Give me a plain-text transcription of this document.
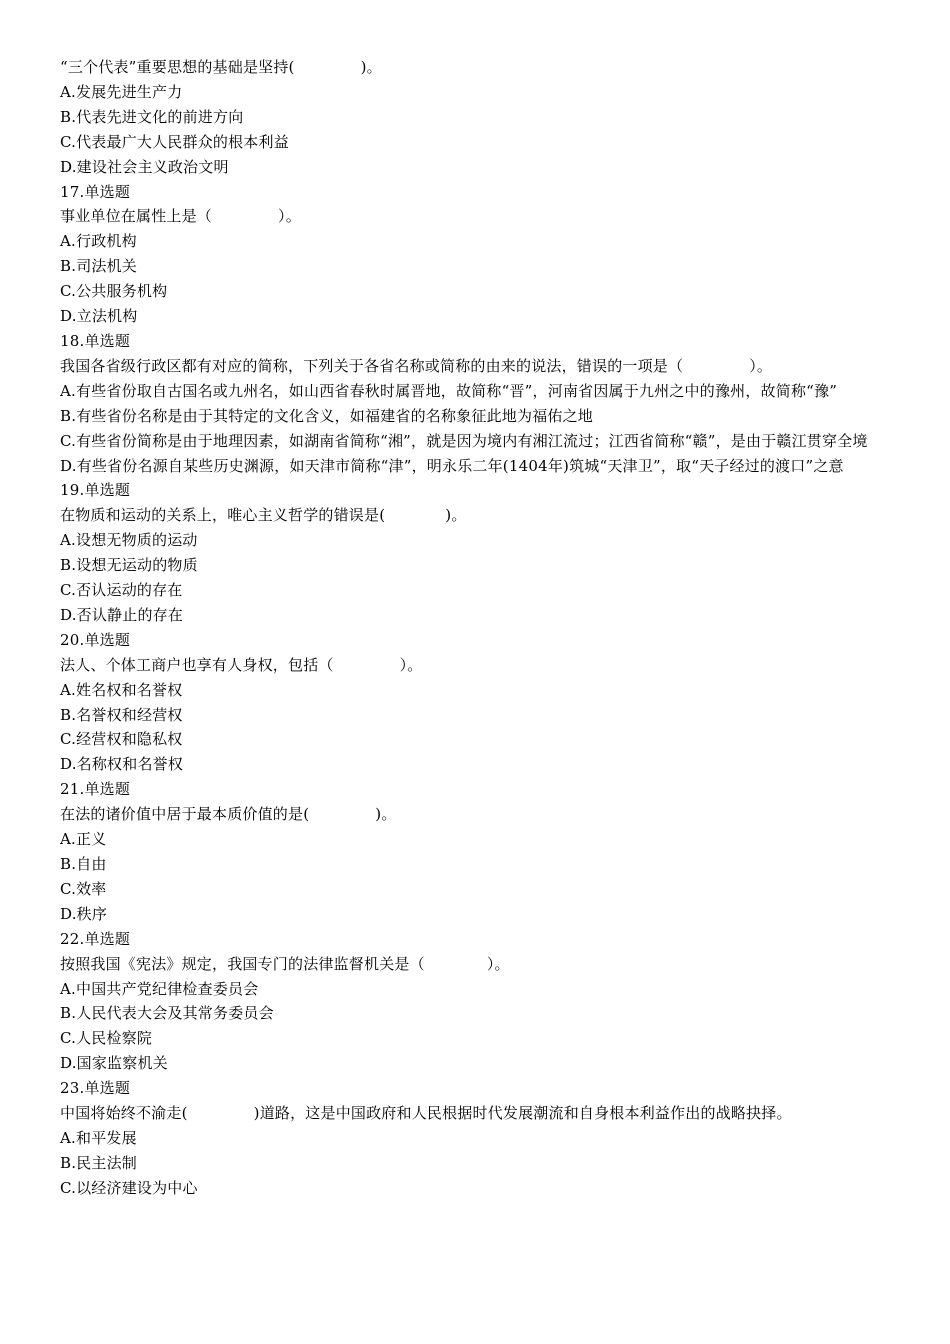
“三个代表”重要思想的基础是坚持(	)。
A.发展先进生产力
B.代表先进文化的前进方向
C.代表最广大人民群众的根本利益
D.建设社会主义政治文明
17.单选题
事业单位在属性上是（	）。
A.行政机构
B.司法机关
C.公共服务机构
D.立法机构
18.单选题
我国各省级行政区都有对应的简称，下列关于各省名称或简称的由来的说法，错误的一项是（	）。
A.有些省份取自古国名或九州名，如山西省春秋时属晋地，故简称“晋”，河南省因属于九州之中的豫州，故简称“豫”
B.有些省份名称是由于其特定的文化含义，如福建省的名称象征此地为福佑之地
C.有些省份简称是由于地理因素，如湖南省简称“湘”，就是因为境内有湘江流过；江西省简称“赣”，是由于赣江贯穿全境
D.有些省份名源自某些历史渊源，如天津市简称“津”，明永乐二年(1404年)筑城“天津卫”，取“天子经过的渡口”之意
19.单选题
在物质和运动的关系上，唯心主义哲学的错误是(	)。
A.设想无物质的运动
B.设想无运动的物质
C.否认运动的存在
D.否认静止的存在
20.单选题
法人、个体工商户也享有人身权，包括（	）。
A.姓名权和名誉权
B.名誉权和经营权
C.经营权和隐私权
D.名称权和名誉权
21.单选题
在法的诸价值中居于最本质价值的是(	)。
A.正义
B.自由
C.效率
D.秩序
22.单选题
按照我国《宪法》规定，我国专门的法律监督机关是（	）。
A.中国共产党纪律检查委员会
B.人民代表大会及其常务委员会
C.人民检察院
D.国家监察机关
23.单选题
中国将始终不渝走(	)道路，这是中国政府和人民根据时代发展潮流和自身根本利益作出的战略抉择。
A.和平发展
B.民主法制
C.以经济建设为中心
